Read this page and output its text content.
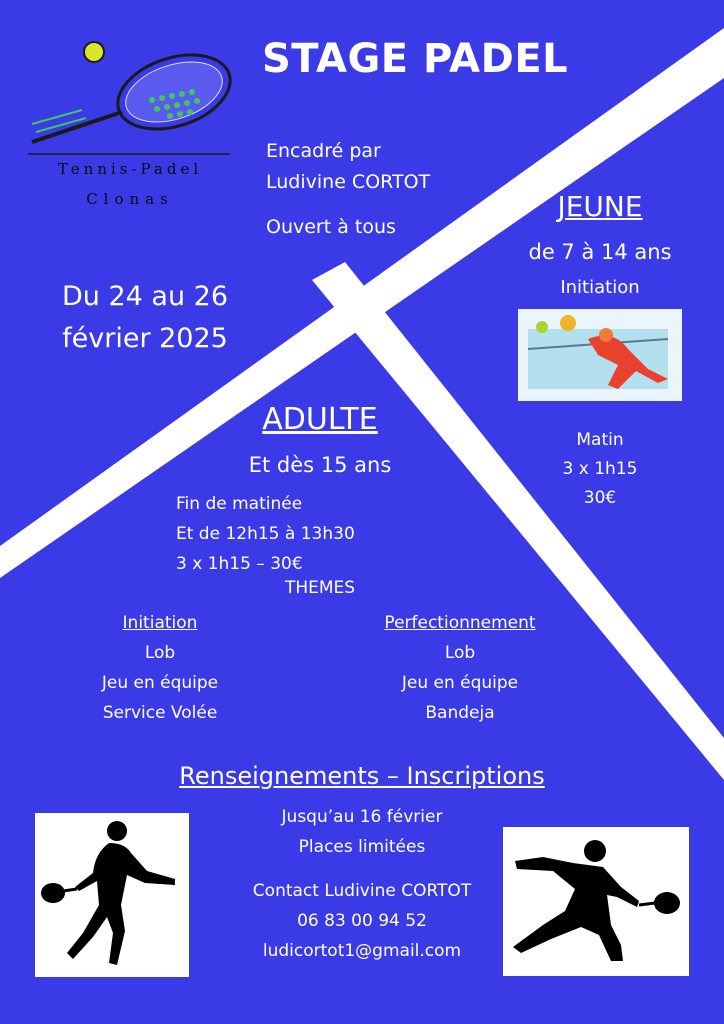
Tennis-Padel
Clonas
STAGE PADEL
Encadré par
Ludivine CORTOT
Ouvert à tous
Du 24 au 26
février 2025
JEUNE
de 7 à 14 ans
Initiation
Matin
3 x 1h15
30€
ADULTE
Et dès 15 ans
Fin de matinée
Et de 12h15 à 13h30
3 x 1h15 – 30€
THEMES
Initiation
Lob
Jeu en équipe
Service Volée
Perfectionnement
Lob
Jeu en équipe
Bandeja
Renseignements – Inscriptions
Jusqu’au 16 février
Places limitées
Contact Ludivine CORTOT
06 83 00 94 52
ludicortot1@gmail.com
